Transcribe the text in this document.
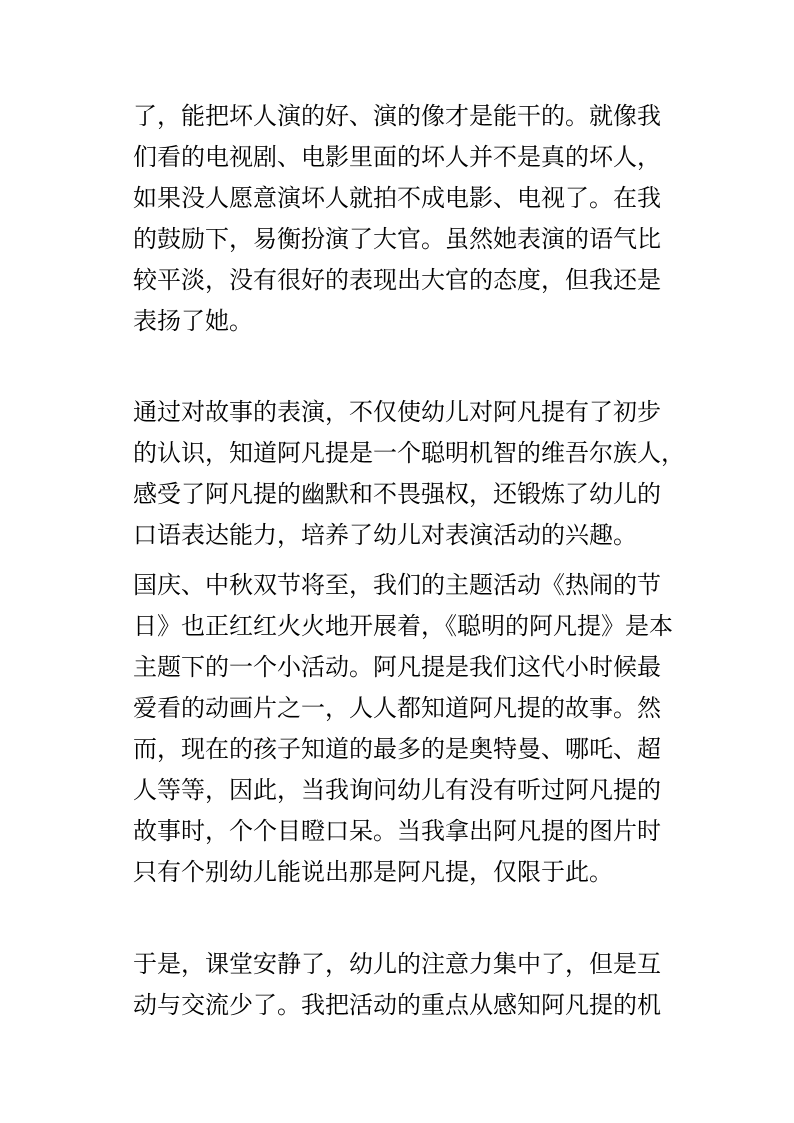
了，能把坏人演的好、演的像才是能干的。就像我
们看的电视剧、电影里面的坏人并不是真的坏人，
如果没人愿意演坏人就拍不成电影、电视了。在我
的鼓励下，易衡扮演了大官。虽然她表演的语气比
较平淡，没有很好的表现出大官的态度，但我还是
表扬了她。
通过对故事的表演，不仅使幼儿对阿凡提有了初步
的认识，知道阿凡提是一个聪明机智的维吾尔族人，
感受了阿凡提的幽默和不畏强权，还锻炼了幼儿的
口语表达能力，培养了幼儿对表演活动的兴趣。
国庆、中秋双节将至，我们的主题活动《热闹的节
日》也正红红火火地开展着，《聪明的阿凡提》是本
主题下的一个小活动。阿凡提是我们这代小时候最
爱看的动画片之一，人人都知道阿凡提的故事。然
而，现在的孩子知道的最多的是奥特曼、哪吒、超
人等等，因此，当我询问幼儿有没有听过阿凡提的
故事时，个个目瞪口呆。当我拿出阿凡提的图片时
只有个别幼儿能说出那是阿凡提，仅限于此。
于是，课堂安静了，幼儿的注意力集中了，但是互
动与交流少了。我把活动的重点从感知阿凡提的机
